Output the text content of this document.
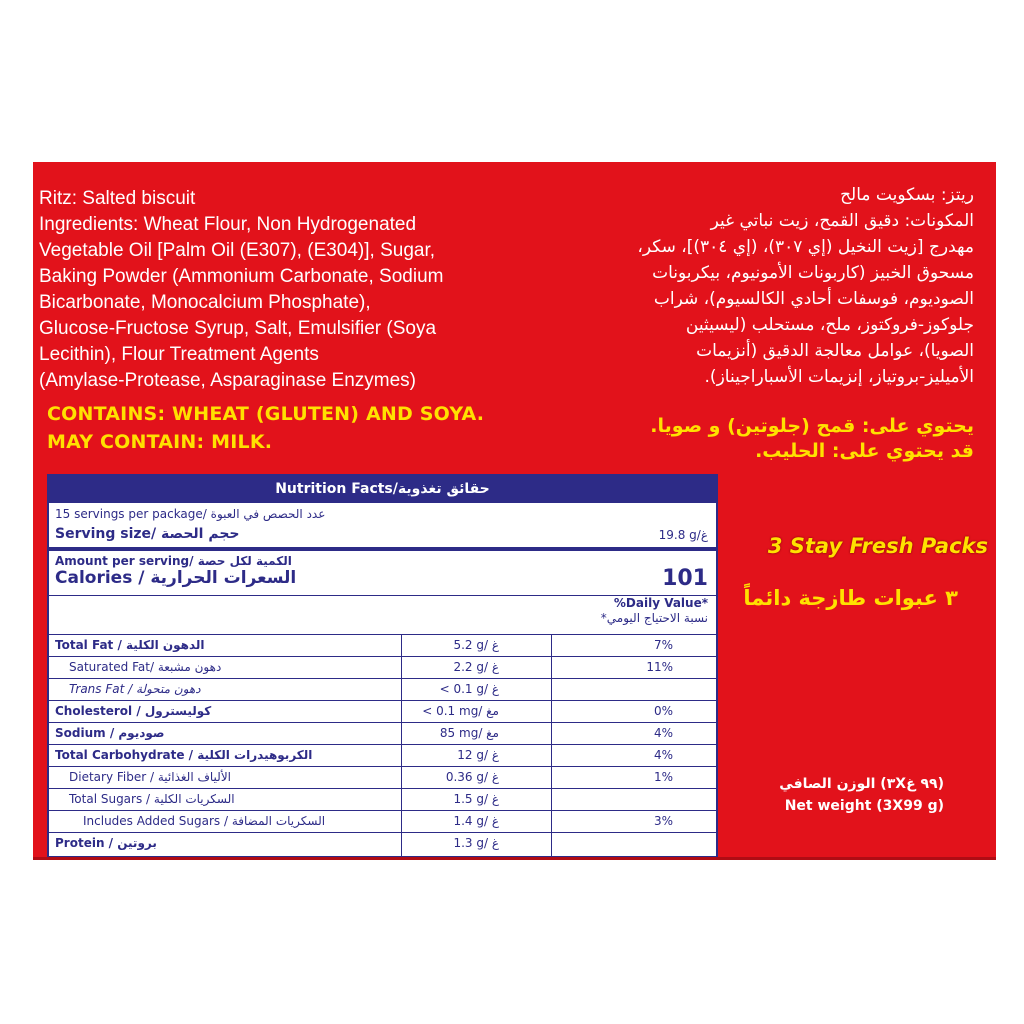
Ritz: Salted biscuit
Ingredients: Wheat Flour, Non Hydrogenated
Vegetable Oil [Palm Oil (E307), (E304)], Sugar,
Baking Powder (Ammonium Carbonate, Sodium
Bicarbonate, Monocalcium Phosphate),
Glucose-Fructose Syrup, Salt, Emulsifier (Soya
Lecithin), Flour Treatment Agents
(Amylase-Protease, Asparaginase Enzymes)
ريتز: بسكويت مالح
المكونات: دقيق القمح، زيت نباتي غير
مهدرج [زيت النخيل (إي ٣٠٧)، (إي ٣٠٤)]، سكر،
مسحوق الخبيز (كاربونات الأمونيوم، بيكربونات
الصوديوم، فوسفات أحادي الكالسيوم)، شراب
جلوكوز-فروكتوز، ملح، مستحلب (ليسيثين
الصويا)، عوامل معالجة الدقيق (أنزيمات
الأميليز-بروتياز، إنزيمات الأسباراجيناز).
CONTAINS: WHEAT (GLUTEN) AND SOYA.
MAY CONTAIN: MILK.
يحتوي على: قمح (جلوتين) و صويا.
قد يحتوي على: الحليب.
3 Stay Fresh Packs
٣ عبوات طازجة دائماً
الوزن الصافي (٣X٩٩ غ)
Net weight (3X99 g)
Nutrition Facts/حقائق تغذوية
15 servings per package/ عدد الحصص في العبوة
Serving size/ حجم الحصة	19.8 g/غ
Amount per serving/ الكمية لكل حصة
Calories / السعرات الحرارية	101
%Daily Value*
*نسبة الاحتياج اليومي
Total Fat / الدهون الكلية	5.2 g/ غ	7%
Saturated Fat/ دهون مشبعة	2.2 g/ غ	11%
Trans Fat / دهون متحولة	< 0.1 g/ غ
Cholesterol / كوليسترول	< 0.1 mg/ مغ	0%
Sodium / صوديوم	85 mg/ مغ	4%
Total Carbohydrate / الكربوهيدرات الكلية	12 g/ غ	4%
Dietary Fiber / الألياف الغذائية	0.36 g/ غ	1%
Total Sugars / السكريات الكلية	1.5 g/ غ
Includes Added Sugars / السكريات المضافة	1.4 g/ غ	3%
Protein / بروتين	1.3 g/ غ
